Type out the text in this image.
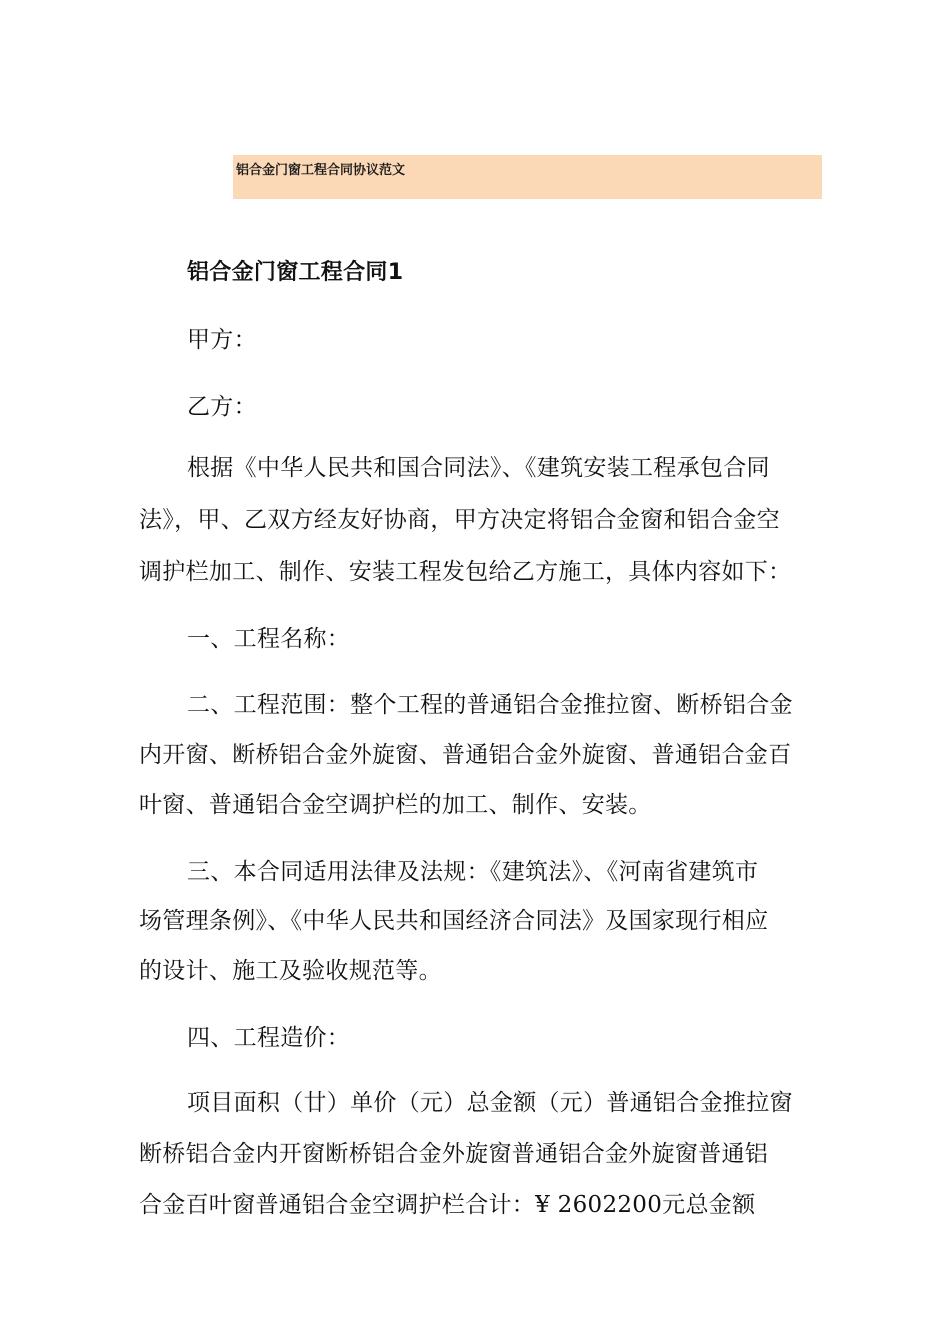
铝合金门窗工程合同协议范文
铝合金门窗工程合同1
甲方：
乙方：
根据《中华人民共和国合同法》、《建筑安装工程承包合同
法》，甲、乙双方经友好协商，甲方决定将铝合金窗和铝合金空
调护栏加工、制作、安装工程发包给乙方施工，具体内容如下：
一、工程名称：
二、工程范围：整个工程的普通铝合金推拉窗、断桥铝合金
内开窗、断桥铝合金外旋窗、普通铝合金外旋窗、普通铝合金百
叶窗、普通铝合金空调护栏的加工、制作、安装。
三、本合同适用法律及法规：《建筑法》、《河南省建筑市
场管理条例》、《中华人民共和国经济合同法》及国家现行相应
的设计、施工及验收规范等。
四、工程造价：
项目面积（廿）单价（元）总金额（元）普通铝合金推拉窗
断桥铝合金内开窗断桥铝合金外旋窗普通铝合金外旋窗普通铝
合金百叶窗普通铝合金空调护栏合计：¥ 2602200元总金额
